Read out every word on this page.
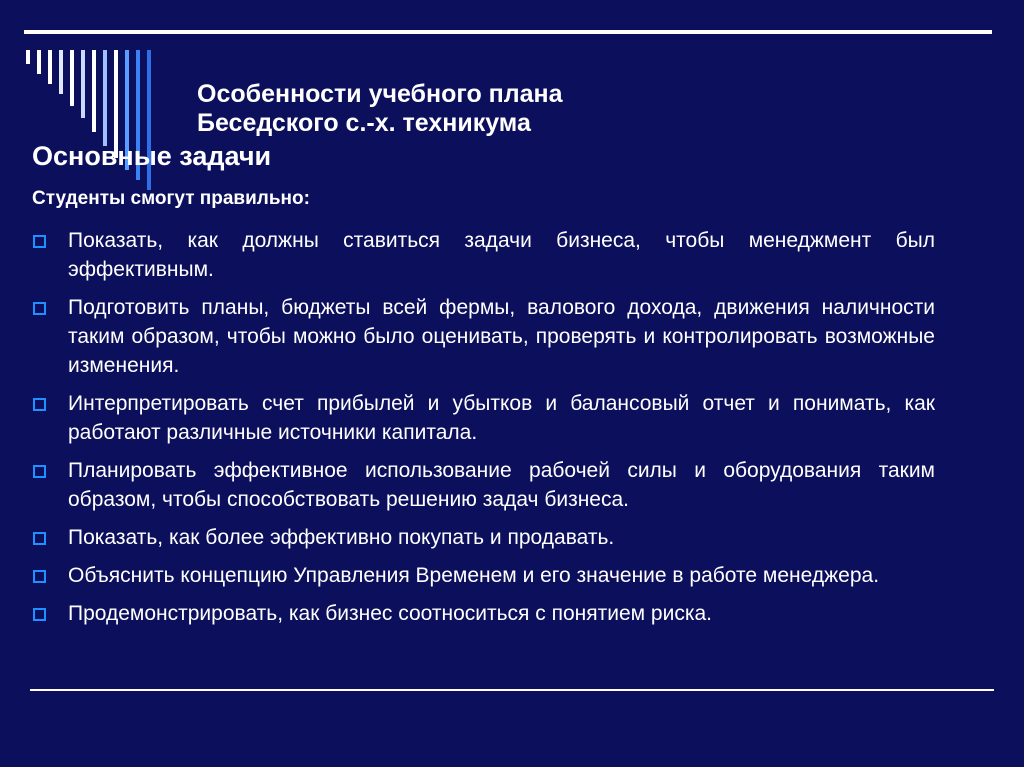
Особенности учебного плана
Беседского с.-х. техникума
Основные задачи
Студенты смогут правильно:
Показать, как должны ставиться задачи бизнеса, чтобы менеджмент был эффективным.
Подготовить планы, бюджеты всей фермы, валового дохода, движения наличности таким образом, чтобы можно было оценивать, проверять и контролировать возможные изменения.
Интерпретировать счет прибылей и убытков и балансовый отчет и понимать, как работают различные источники капитала.
Планировать эффективное использование рабочей силы и оборудования таким образом, чтобы способствовать решению задач бизнеса.
Показать, как более эффективно покупать и продавать.
Объяснить концепцию Управления Временем и его значение в работе менеджера.
Продемонстрировать, как бизнес соотноситься с понятием риска.
